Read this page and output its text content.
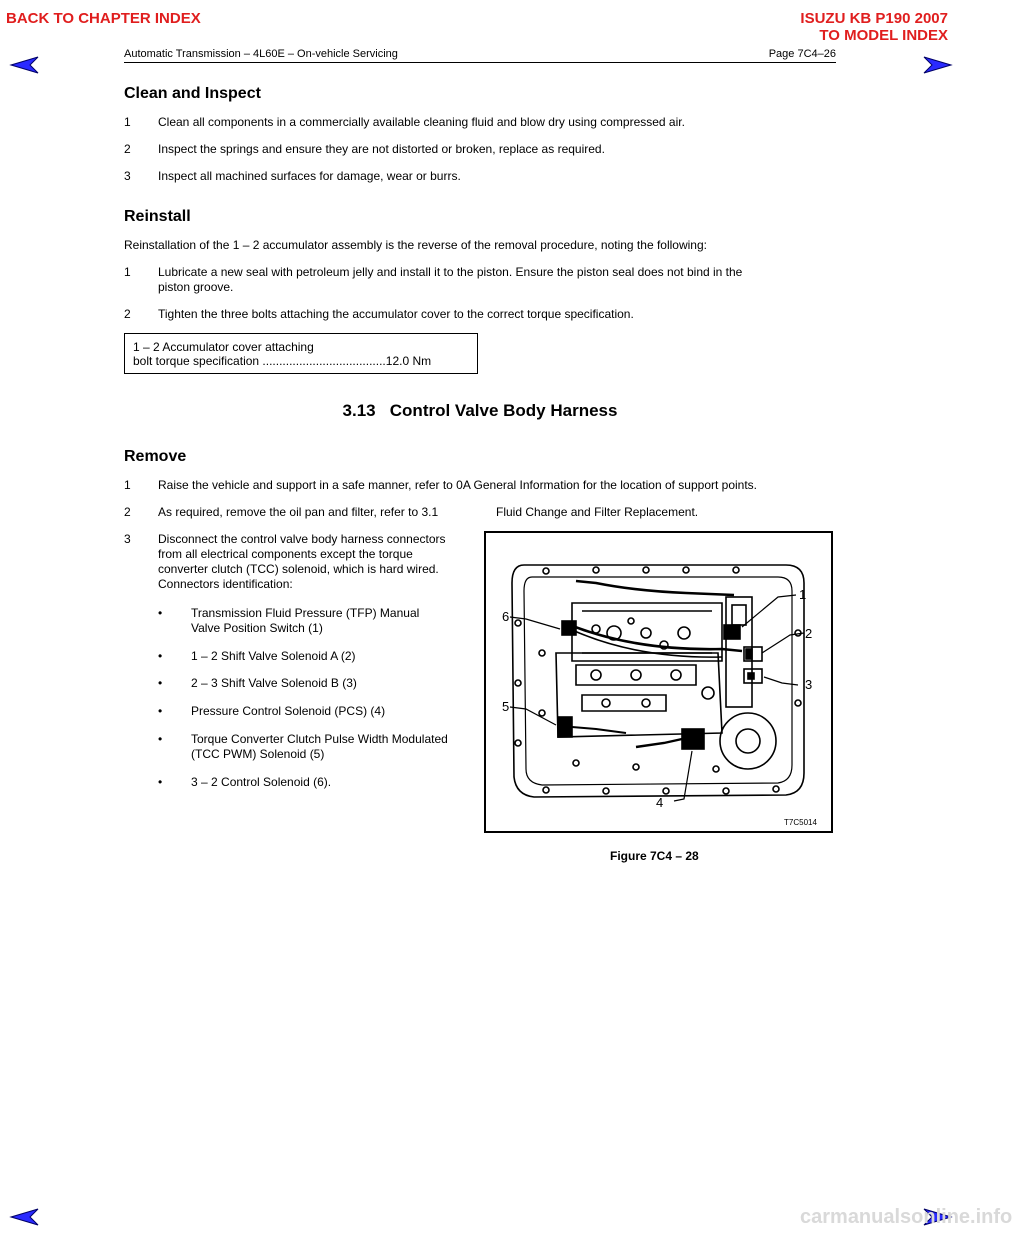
BACK TO CHAPTER INDEX	ISUZU KB P190 2007
TO MODEL INDEX
Automatic Transmission – 4L60E – On-vehicle Servicing	Page 7C4–26
Clean and Inspect
1 Clean all components in a commercially available cleaning fluid and blow dry using compressed air.
2 Inspect the springs and ensure they are not distorted or broken, replace as required.
3 Inspect all machined surfaces for damage, wear or burrs.
Reinstall
Reinstallation of the 1 – 2 accumulator assembly is the reverse of the removal procedure, noting the following:
1 Lubricate a new seal with petroleum jelly and install it to the piston. Ensure the piston seal does not bind in the
piston groove.
2 Tighten the three bolts attaching the accumulator cover to the correct torque specification.
1 – 2 Accumulator cover attaching
bolt torque specification .....................................12.0 Nm
3.13   Control Valve Body Harness
Remove
1 Raise the vehicle and support in a safe manner, refer to 0A General Information for the location of support points.
2 As required, remove the oil pan and filter, refer to 3.1	Fluid Change and Filter Replacement.
3 Disconnect the control valve body harness connectors
from all electrical components except the torque
converter clutch (TCC) solenoid, which is hard wired.
Connectors identification:
• Transmission Fluid Pressure (TFP) Manual
Valve Position Switch (1)
• 1 – 2 Shift Valve Solenoid A (2)
• 2 – 3 Shift Valve Solenoid B (3)
• Pressure Control Solenoid (PCS) (4)
• Torque Converter Clutch Pulse Width Modulated
(TCC PWM) Solenoid (5)
• 3 – 2 Control Solenoid (6).
1
2
3
4
5
6
T7C5014
Figure 7C4 – 28
carmanualsonline.info
